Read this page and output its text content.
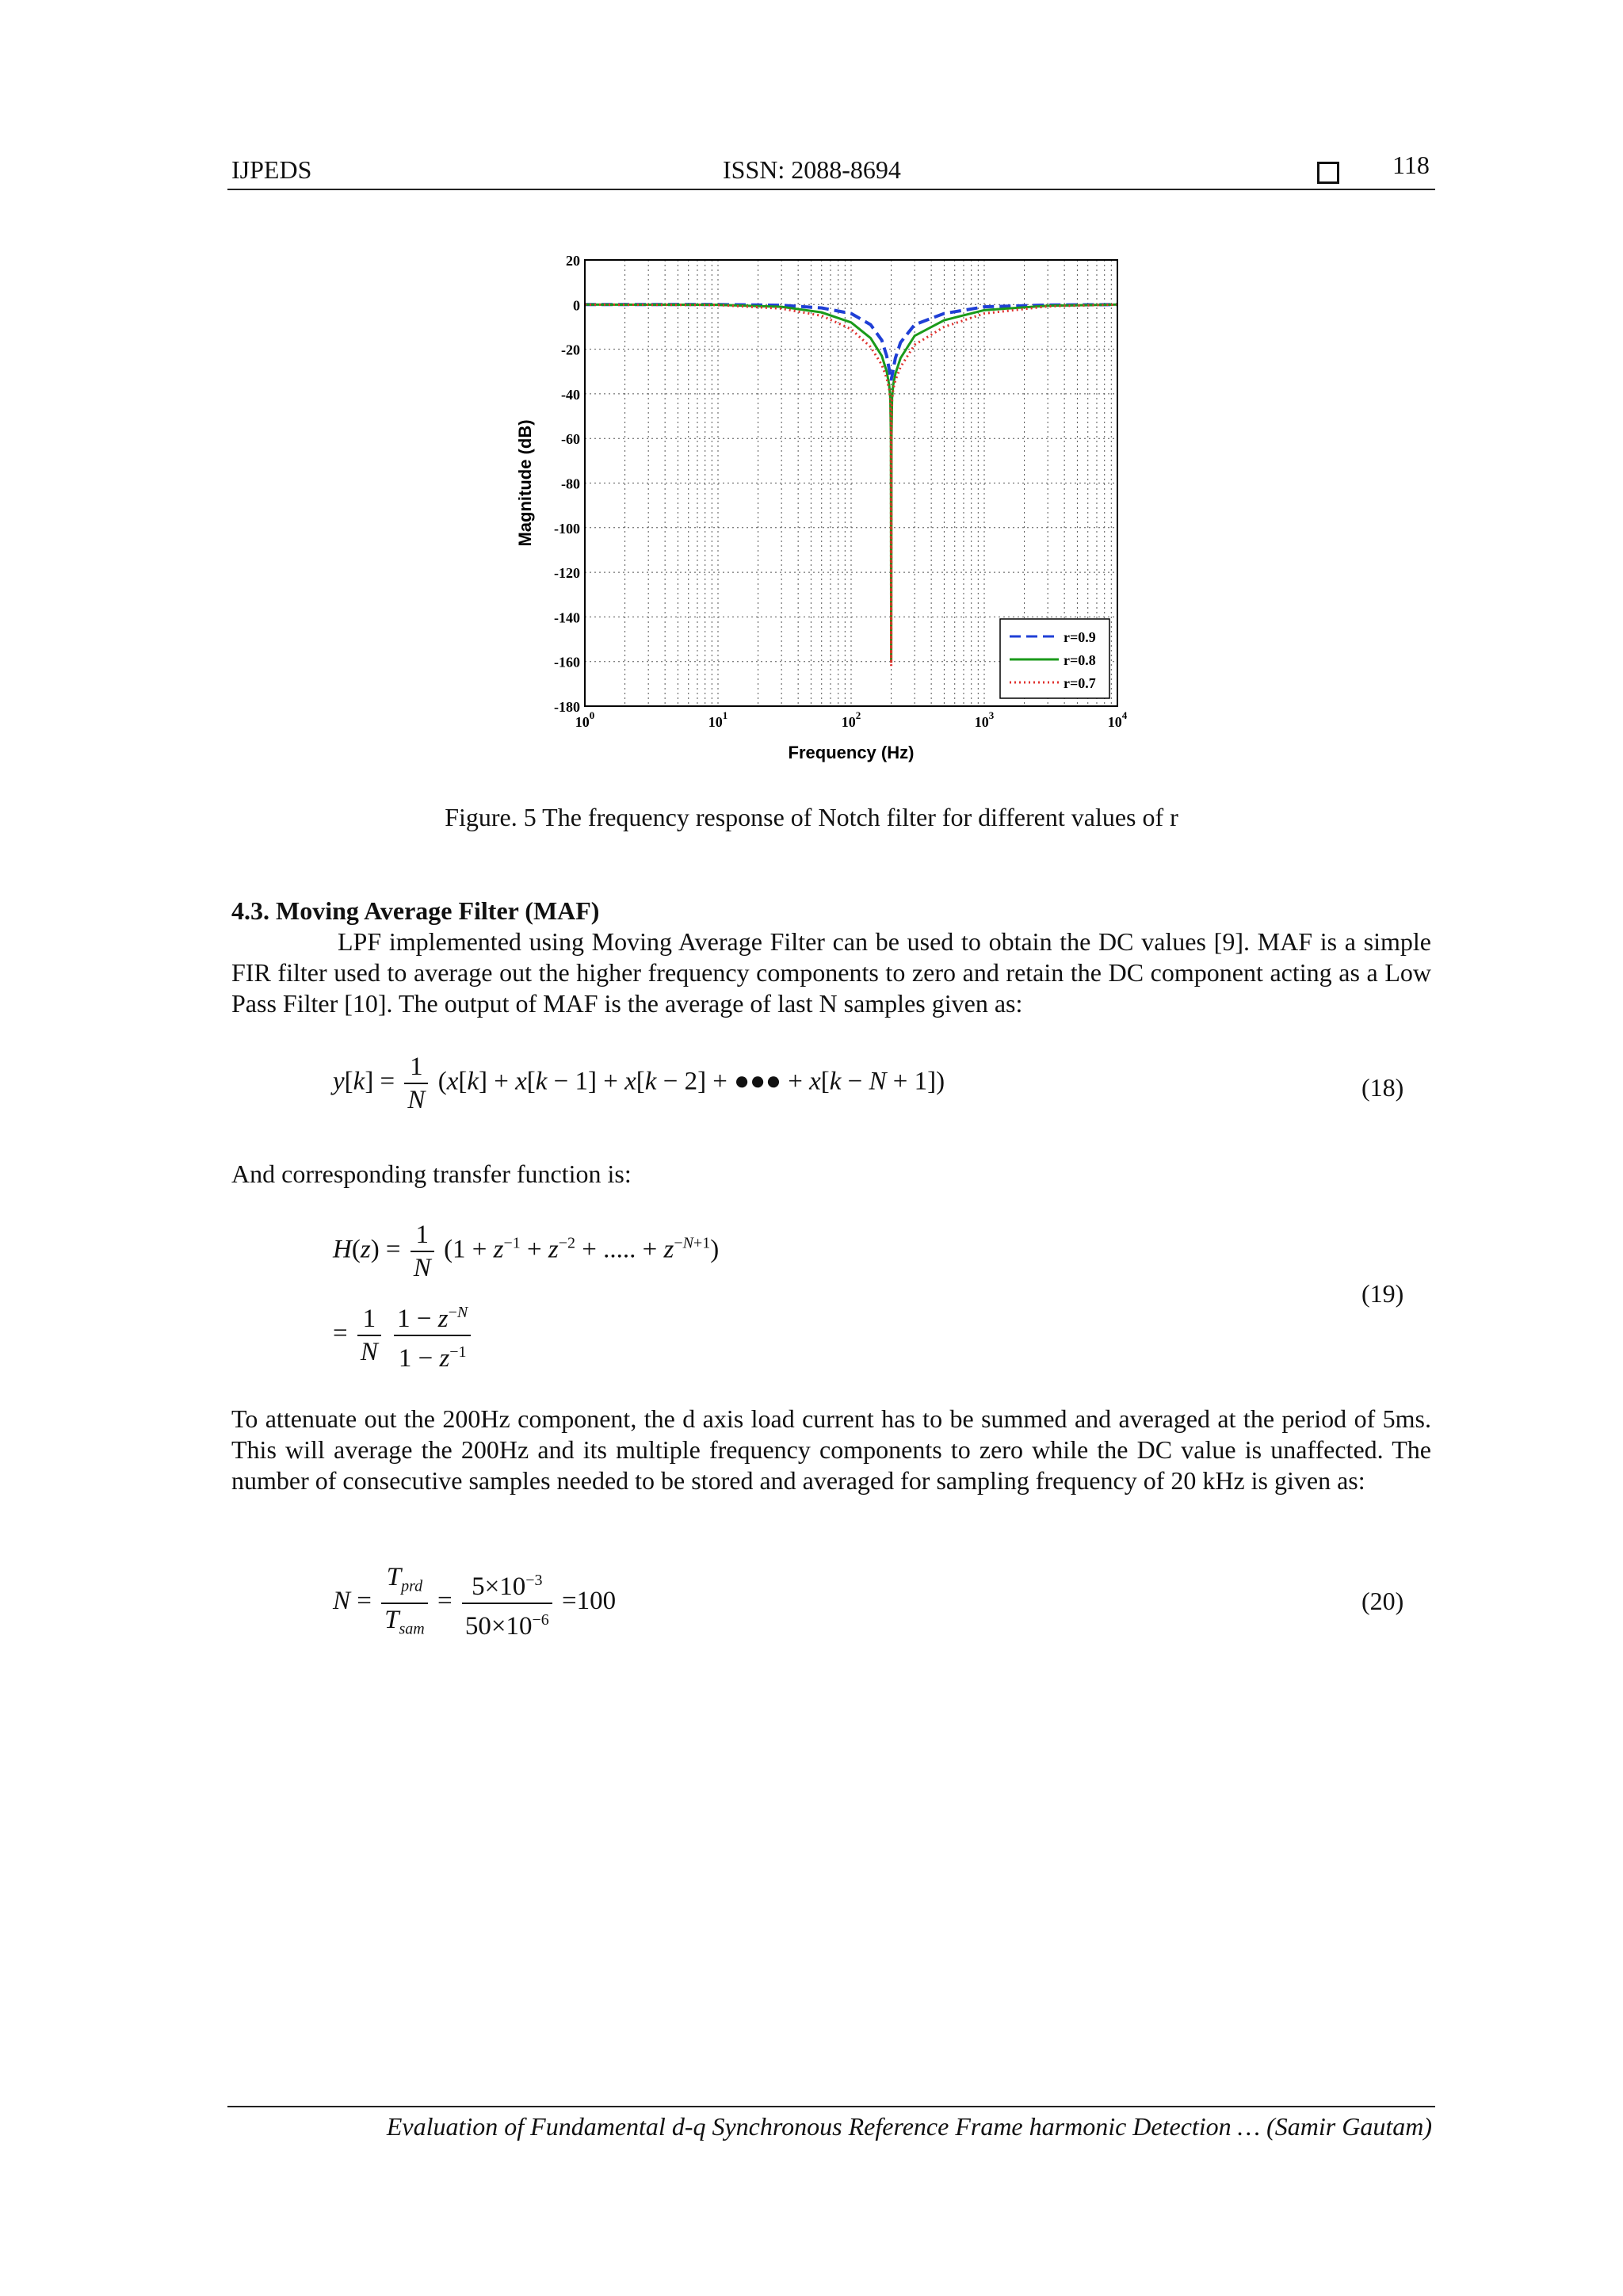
IJPEDS	ISSN: 2088-8694	118
20
0
-20
-40
-60
-80
-100
-120
-140
-160
-180
$10^0$	$10^1$	$10^2$	$10^3$	$10^4$
Frequency (Hz)
Magnitude (dB)
r=0.9
r=0.8
r=0.7
Figure. 5 The frequency response of Notch filter for different values of r
4.3. Moving Average Filter (MAF)
LPF implemented using Moving Average Filter can be used to obtain the DC values [9]. MAF is a simple FIR filter used to average out the higher frequency components to zero and retain the DC component acting as a Low Pass Filter [10]. The output of MAF is the average of last N samples given as:
$y[k] = \frac{1}{N} (x[k] + x[k - 1] + x[k - 2]$ + ●●● + x[k − N + 1])	(18)
And corresponding transfer function is:
$H(z) = \frac{1}{N} (1 + z^{-1} + z^{-2}$ + ..... + $z^{-N+1}$)
= $\frac{1}{N}$
$\frac{1 - z^{-N}}{1 - z^{-1}}$
(19)
To attenuate out the 200Hz component, the d axis load current has to be summed and averaged at the period of 5ms. This will average the 200Hz and its multiple frequency components to zero while the DC value is unaffected. The number of consecutive samples needed to be stored and averaged for sampling frequency of 20 kHz is given as:
$N = \frac{T_{prd}}{T_{sam}} = \frac{5\times 10^{-3}}{50\times 10^{-6}} =100$	(20)
Evaluation of Fundamental d-q Synchronous Reference Frame harmonic Detection … (Samir Gautam)
